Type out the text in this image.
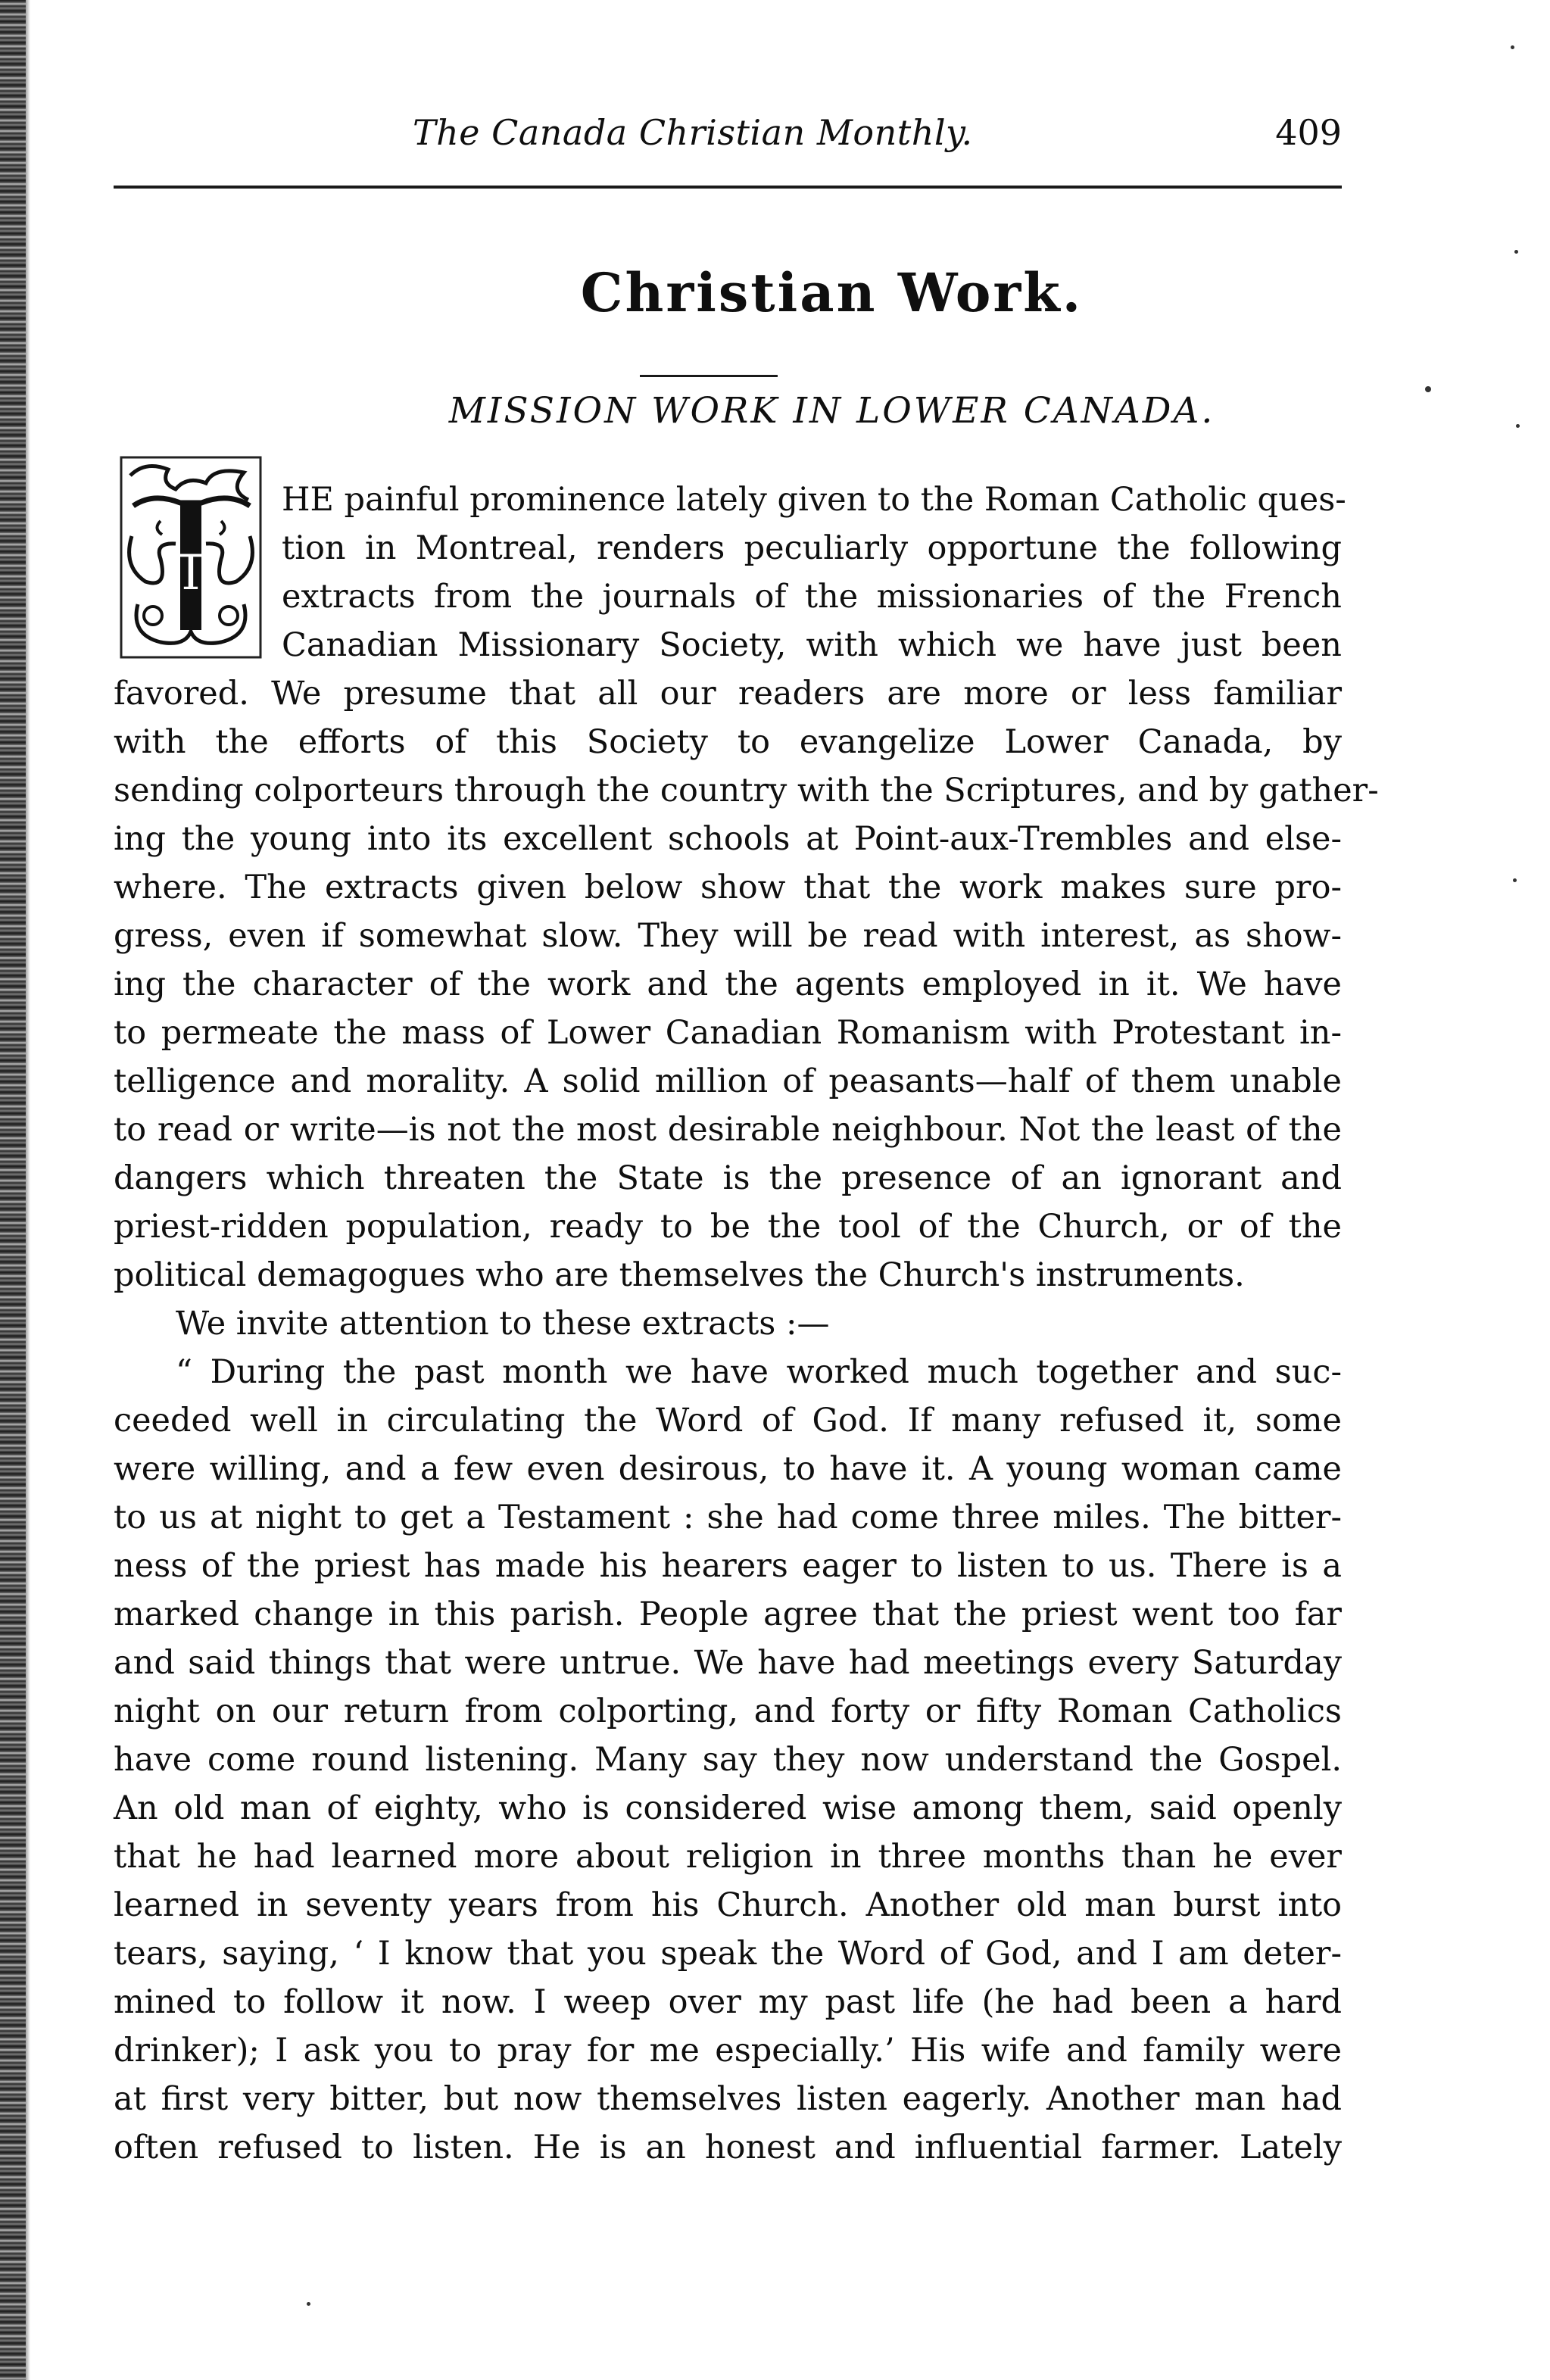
The Canada Christian Monthly.	409
Christian Work.
MISSION WORK IN LOWER CANADA.
T
HE painful prominence lately given to the Roman Catholic ques-
tion in Montreal, renders peculiarly opportune the following
extracts from the journals of the missionaries of the French
Canadian Missionary Society, with which we have just been
favored. We presume that all our readers are more or less familiar
with the efforts of this Society to evangelize Lower Canada, by
sending colporteurs through the country with the Scriptures, and by gather-
ing the young into its excellent schools at Point-aux-Trembles and else-
where. The extracts given below show that the work makes sure pro-
gress, even if somewhat slow. They will be read with interest, as show-
ing the character of the work and the agents employed in it. We have
to permeate the mass of Lower Canadian Romanism with Protestant in-
telligence and morality. A solid million of peasants—half of them unable
to read or write—is not the most desirable neighbour. Not the least of the
dangers which threaten the State is the presence of an ignorant and
priest-ridden population, ready to be the tool of the Church, or of the
political demagogues who are themselves the Church's instruments.
We invite attention to these extracts :—
“ During the past month we have worked much together and suc-
ceeded well in circulating the Word of God. If many refused it, some
were willing, and a few even desirous, to have it. A young woman came
to us at night to get a Testament : she had come three miles. The bitter-
ness of the priest has made his hearers eager to listen to us. There is a
marked change in this parish. People agree that the priest went too far
and said things that were untrue. We have had meetings every Saturday
night on our return from colporting, and forty or fifty Roman Catholics
have come round listening. Many say they now understand the Gospel.
An old man of eighty, who is considered wise among them, said openly
that he had learned more about religion in three months than he ever
learned in seventy years from his Church. Another old man burst into
tears, saying, ‘ I know that you speak the Word of God, and I am deter-
mined to follow it now. I weep over my past life (he had been a hard
drinker); I ask you to pray for me especially.’ His wife and family were
at first very bitter, but now themselves listen eagerly. Another man had
often refused to listen. He is an honest and influential farmer. Lately
